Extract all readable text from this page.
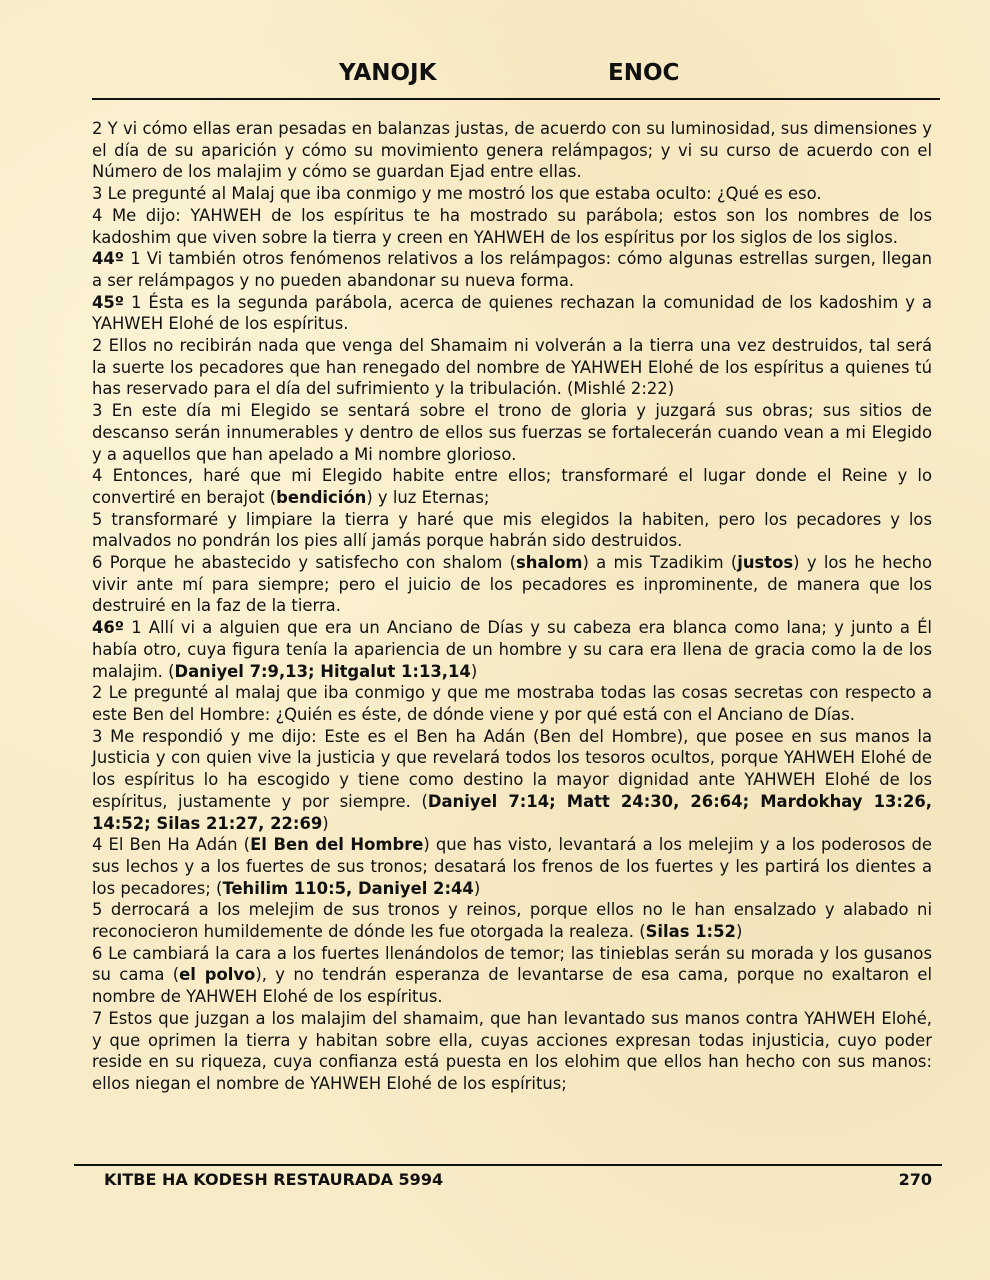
YANOJK	ENOC

2 Y vi cómo ellas eran pesadas en balanzas justas, de acuerdo con su luminosidad, sus dimensiones y el día de su aparición y cómo su movimiento genera relámpagos; y vi su curso de acuerdo con el Número de los malajim y cómo se guardan Ejad entre ellas.

3 Le pregunté al Malaj que iba conmigo y me mostró los que estaba oculto: ¿Qué es eso.

4 Me dijo: YAHWEH de los espíritus te ha mostrado su parábola; estos son los nombres de los kadoshim que viven sobre la tierra y creen en YAHWEH de los espíritus por los siglos de los siglos.

44º 1 Vi también otros fenómenos relativos a los relámpagos: cómo algunas estrellas surgen, llegan a ser relámpagos y no pueden abandonar su nueva forma.

45º 1 Ésta es la segunda parábola, acerca de quienes rechazan la comunidad de los kadoshim y a YAHWEH Elohé de los espíritus.

2 Ellos no recibirán nada que venga del Shamaim ni volverán a la tierra una vez destruidos, tal será la suerte los pecadores que han renegado del nombre de YAHWEH Elohé de los espíritus a quienes tú has reservado para el día del sufrimiento y la tribulación. (Mishlé 2:22)

3 En este día mi Elegido se sentará sobre el trono de gloria y juzgará sus obras; sus sitios de descanso serán innumerables y dentro de ellos sus fuerzas se fortalecerán cuando vean a mi Elegido y a aquellos que han apelado a Mi nombre glorioso.

4 Entonces, haré que mi Elegido habite entre ellos; transformaré el lugar donde el Reine y lo convertiré en berajot (bendición) y luz Eternas;

5 transformaré y limpiare la tierra y haré que mis elegidos la habiten, pero los pecadores y los malvados no pondrán los pies allí jamás porque habrán sido destruidos.

6 Porque he abastecido y satisfecho con shalom (shalom) a mis Tzadikim (justos) y los he hecho vivir ante mí para siempre; pero el juicio de los pecadores es inprominente, de manera que los destruiré en la faz de la tierra.

46º 1 Allí vi a alguien que era un Anciano de Días y su cabeza era blanca como lana; y junto a Él había otro, cuya figura tenía la apariencia de un hombre y su cara era llena de gracia como la de los malajim. (Daniyel 7:9,13; Hitgalut 1:13,14)

2 Le pregunté al malaj que iba conmigo y que me mostraba todas las cosas secretas con respecto a este Ben del Hombre: ¿Quién es éste, de dónde viene y por qué está con el Anciano de Días.

3 Me respondió y me dijo: Este es el Ben ha Adán (Ben del Hombre), que posee en sus manos la Justicia y con quien vive la justicia y que revelará todos los tesoros ocultos, porque YAHWEH Elohé de los espíritus lo ha escogido y tiene como destino la mayor dignidad ante YAHWEH Elohé de los espíritus, justamente y por siempre. (Daniyel 7:14; Matt 24:30, 26:64; Mardokhay 13:26, 14:52; Silas 21:27, 22:69)

4 El Ben Ha Adán (El Ben del Hombre) que has visto, levantará a los melejim y a los poderosos de sus lechos y a los fuertes de sus tronos; desatará los frenos de los fuertes y les partirá los dientes a los pecadores; (Tehilim 110:5, Daniyel 2:44)

5 derrocará a los melejim de sus tronos y reinos, porque ellos no le han ensalzado y alabado ni reconocieron humildemente de dónde les fue otorgada la realeza. (Silas 1:52)

6 Le cambiará la cara a los fuertes llenándolos de temor; las tinieblas serán su morada y los gusanos su cama (el polvo), y no tendrán esperanza de levantarse de esa cama, porque no exaltaron el nombre de YAHWEH Elohé de los espíritus.

7 Estos que juzgan a los malajim del shamaim, que han levantado sus manos contra YAHWEH Elohé, y que oprimen la tierra y habitan sobre ella, cuyas acciones expresan todas injusticia, cuyo poder reside en su riqueza, cuya confianza está puesta en los elohim que ellos han hecho con sus manos: ellos niegan el nombre de YAHWEH Elohé de los espíritus;

KITBE HA KODESH RESTAURADA 5994	270
